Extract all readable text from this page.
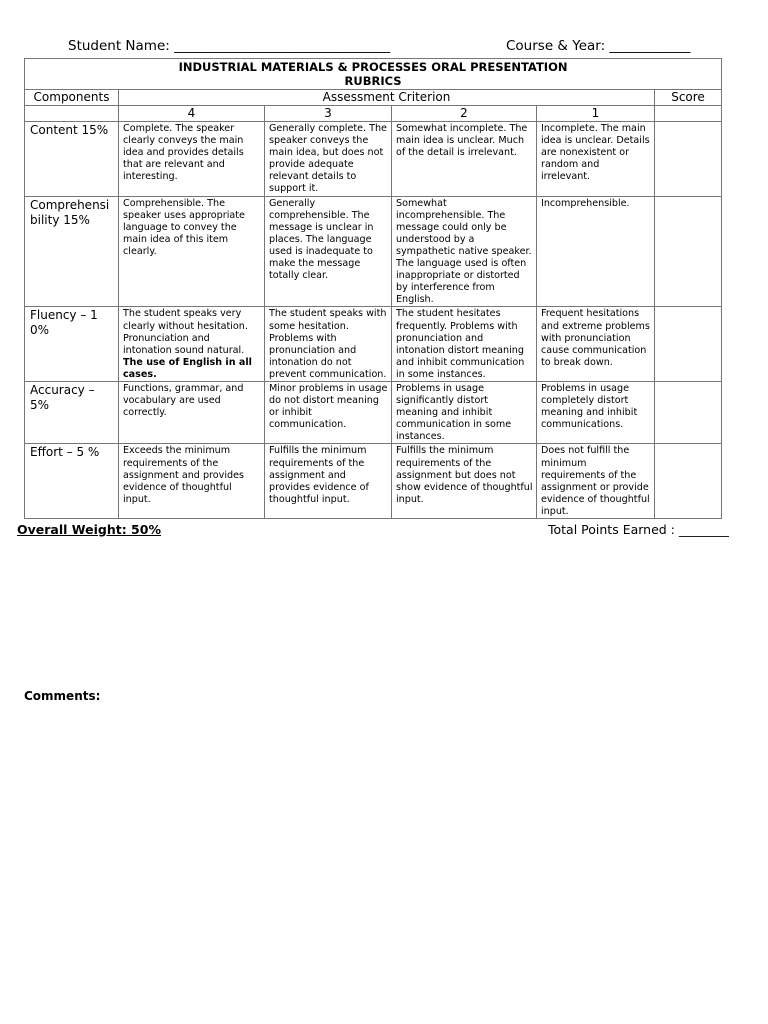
Student Name: ________________________________	Course & Year: ____________
INDUSTRIAL MATERIALS & PROCESSES ORAL PRESENTATION RUBRICS					
Components	Assessment Criterion				Score
	4	3	2	1	
Content 15%	Complete. The speaker clearly conveys the main idea and provides details that are relevant and interesting.	Generally complete. The speaker conveys the main idea, but does not provide adequate relevant details to support it.	Somewhat incomplete. The main idea is unclear. Much of the detail is irrelevant.	Incomplete. The main idea is unclear. Details are nonexistent or random and irrelevant.	
Comprehensibility 15%	Comprehensible. The speaker uses appropriate language to convey the main idea of this item clearly.	Generally comprehensible. The message is unclear in places. The language used is inadequate to make the message totally clear.	Somewhat incomprehensible. The message could only be understood by a sympathetic native speaker. The language used is often inappropriate or distorted by interference from English.	Incomprehensible.	
Fluency – 10%	The student speaks very clearly without hesitation. Pronunciation and intonation sound natural. The use of English in all cases.	The student speaks with some hesitation. Problems with pronunciation and intonation do not prevent communication.	The student hesitates frequently. Problems with pronunciation and intonation distort meaning and inhibit communication in some instances.	Frequent hesitations and extreme problems with pronunciation cause communication to break down.	
Accuracy – 5%	Functions, grammar, and vocabulary are used correctly.	Minor problems in usage do not distort meaning or inhibit communication.	Problems in usage significantly distort meaning and inhibit communication in some instances.	Problems in usage completely distort meaning and inhibit communications.	
Effort – 5 %	Exceeds the minimum requirements of the assignment and provides evidence of thoughtful input.	Fulfills the minimum requirements of the assignment and provides evidence of thoughtful input.	Fulfills the minimum requirements of the assignment but does not show evidence of thoughtful input.	Does not fulfill the minimum requirements of the assignment or provide evidence of thoughtful input.	
Overall Weight: 50%	Total Points Earned : ________
Comments:
